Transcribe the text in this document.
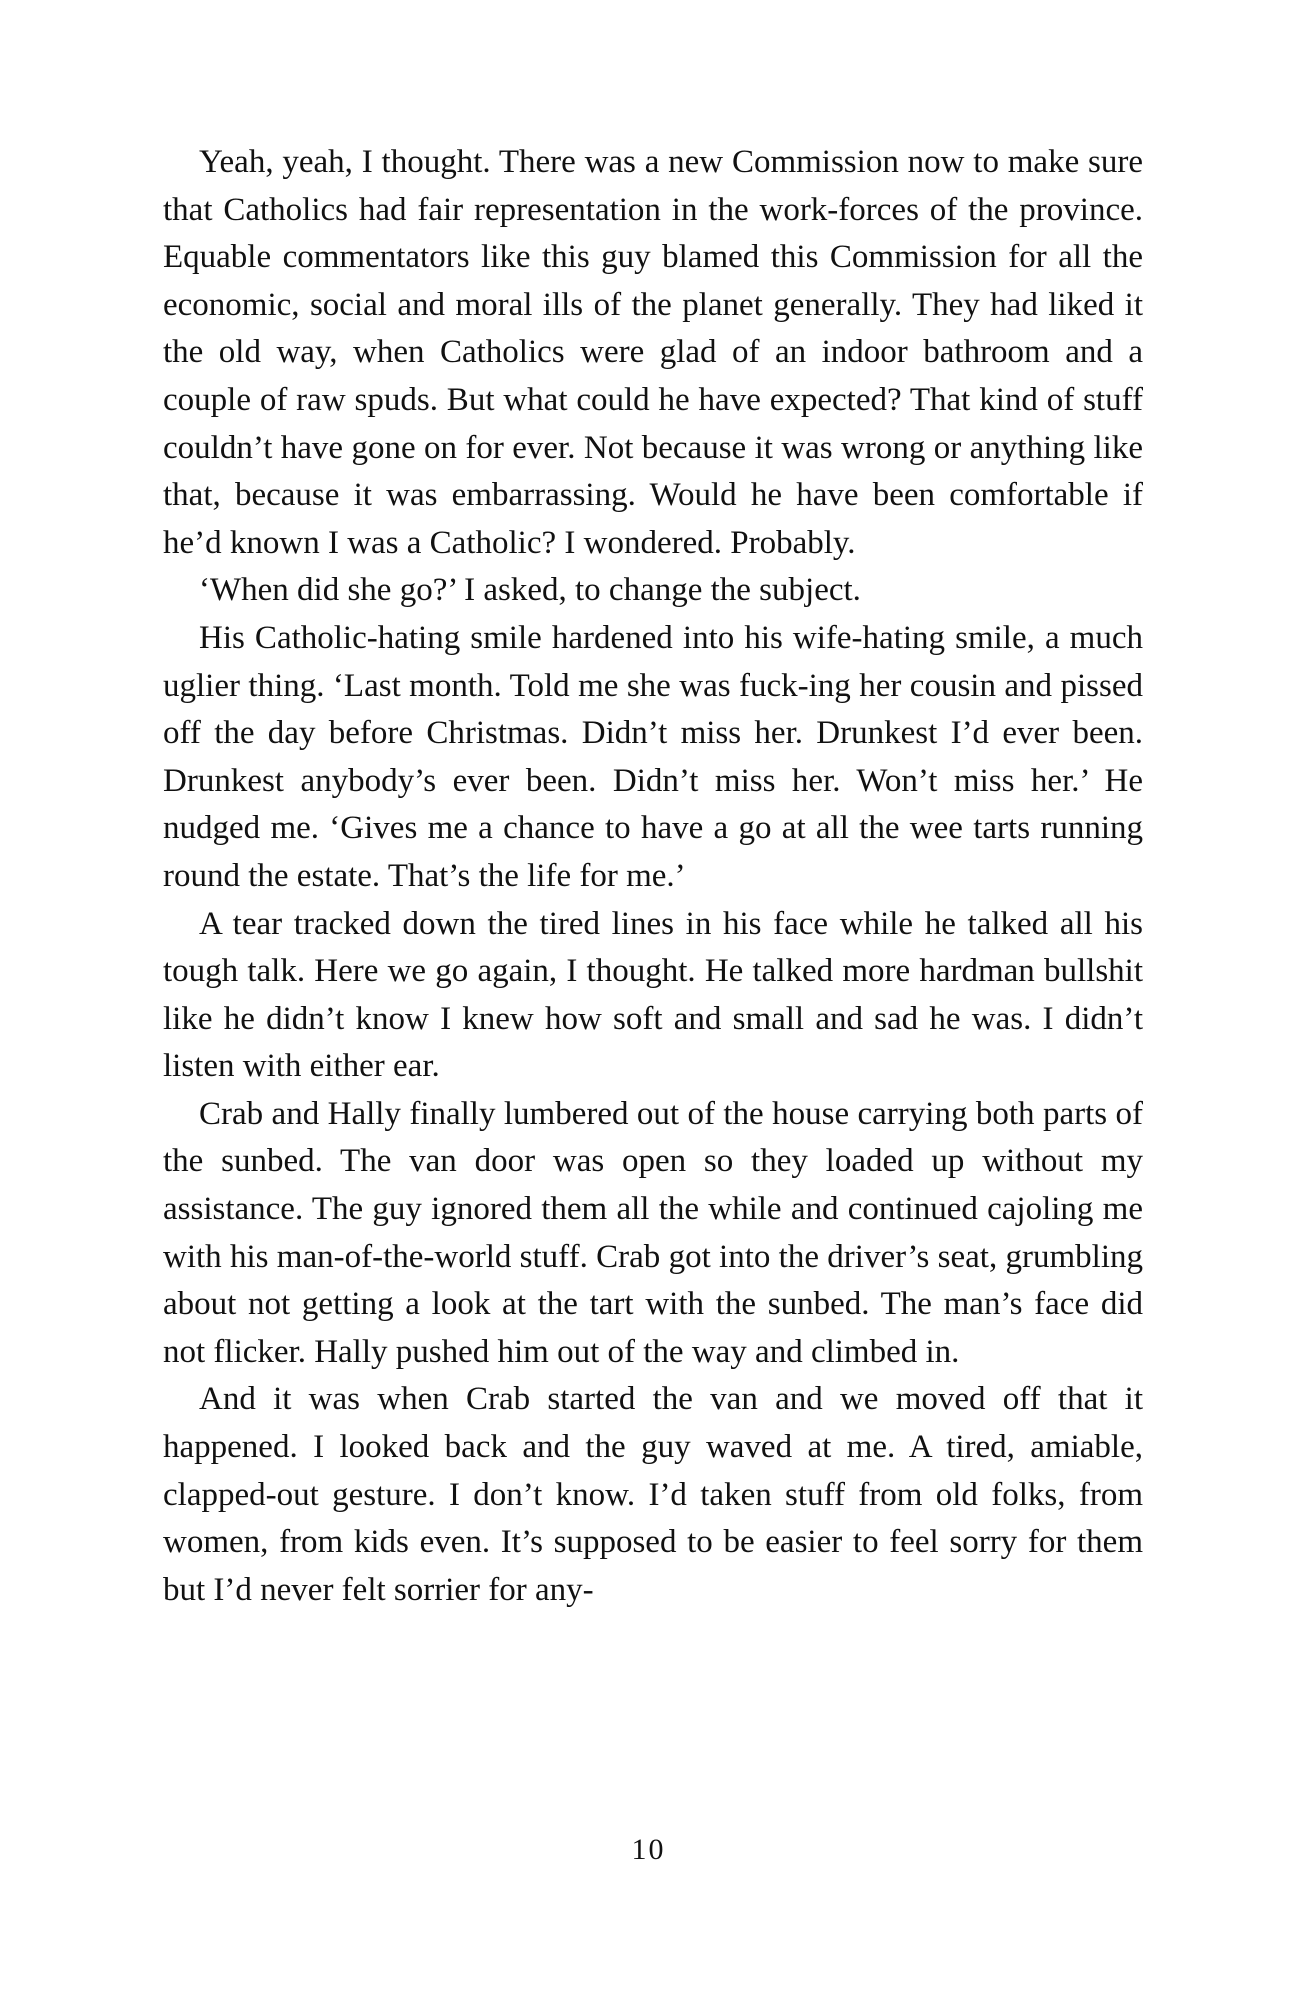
Yeah, yeah, I thought. There was a new Commission now to make sure that Catholics had fair representation in the work-forces of the province. Equable commentators like this guy blamed this Commission for all the economic, social and moral ills of the planet generally. They had liked it the old way, when Catholics were glad of an indoor bathroom and a couple of raw spuds. But what could he have expected? That kind of stuff couldn’t have gone on for ever. Not because it was wrong or anything like that, because it was embarrassing. Would he have been comfortable if he’d known I was a Catholic? I wondered. Probably.

‘When did she go?’ I asked, to change the subject.

His Catholic-hating smile hardened into his wife-hating smile, a much uglier thing. ‘Last month. Told me she was fuck-ing her cousin and pissed off the day before Christmas. Didn’t miss her. Drunkest I’d ever been. Drunkest anybody’s ever been. Didn’t miss her. Won’t miss her.’ He nudged me. ‘Gives me a chance to have a go at all the wee tarts running round the estate. That’s the life for me.’

A tear tracked down the tired lines in his face while he talked all his tough talk. Here we go again, I thought. He talked more hardman bullshit like he didn’t know I knew how soft and small and sad he was. I didn’t listen with either ear.

Crab and Hally finally lumbered out of the house carrying both parts of the sunbed. The van door was open so they loaded up without my assistance. The guy ignored them all the while and continued cajoling me with his man-of-the-world stuff. Crab got into the driver’s seat, grumbling about not getting a look at the tart with the sunbed. The man’s face did not flicker. Hally pushed him out of the way and climbed in.

And it was when Crab started the van and we moved off that it happened. I looked back and the guy waved at me. A tired, amiable, clapped-out gesture. I don’t know. I’d taken stuff from old folks, from women, from kids even. It’s supposed to be easier to feel sorry for them but I’d never felt sorrier for any-

10
